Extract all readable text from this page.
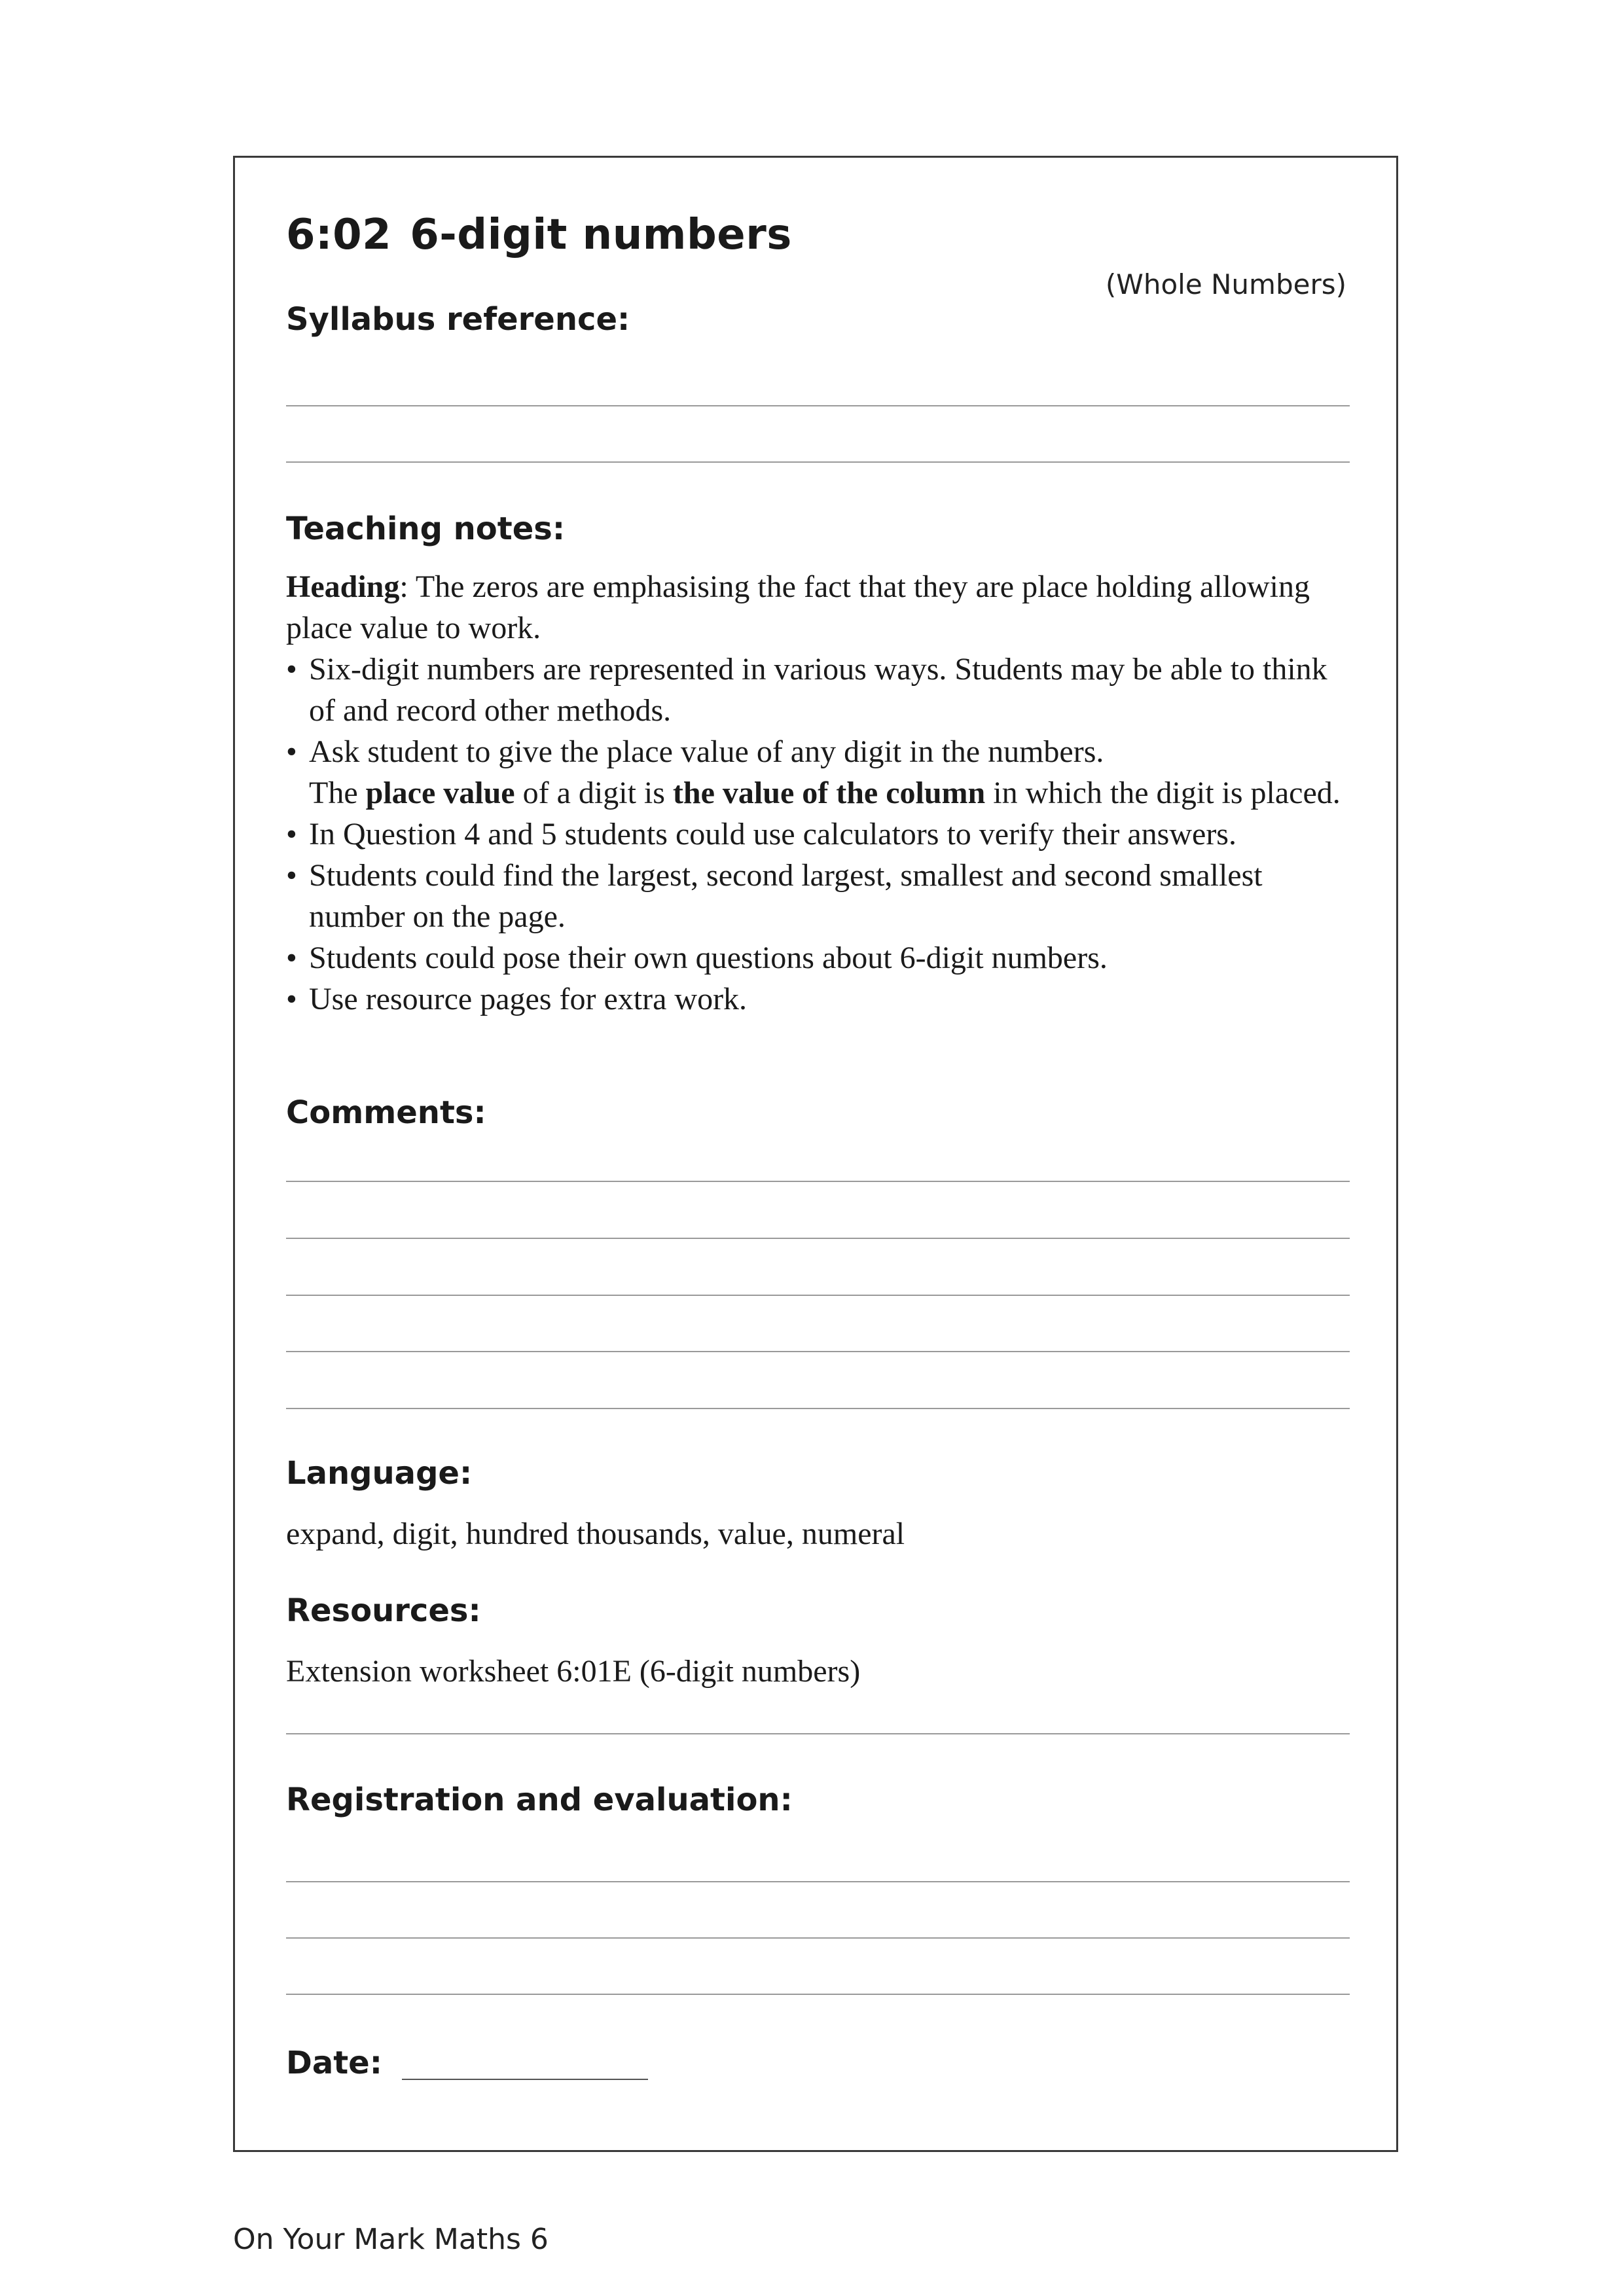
6:02 6-digit numbers
(Whole Numbers)
Syllabus reference:
Teaching notes:

Heading: The zeros are emphasising the fact that they are place holding allowing place value to work.

• Six-digit numbers are represented in various ways. Students may be able to think of and record other methods.
• Ask student to give the place value of any digit in the numbers.
The place value of a digit is the value of the column in which the digit is placed.
• In Question 4 and 5 students could use calculators to verify their answers.
• Students could find the largest, second largest, smallest and second smallest number on the page.
• Students could pose their own questions about 6-digit numbers.
• Use resource pages for extra work.
Comments:
Language:
expand, digit, hundred thousands, value, numeral
Resources:
Extension worksheet 6:01E (6-digit numbers)
Registration and evaluation:
Date:
On Your Mark Maths 6
